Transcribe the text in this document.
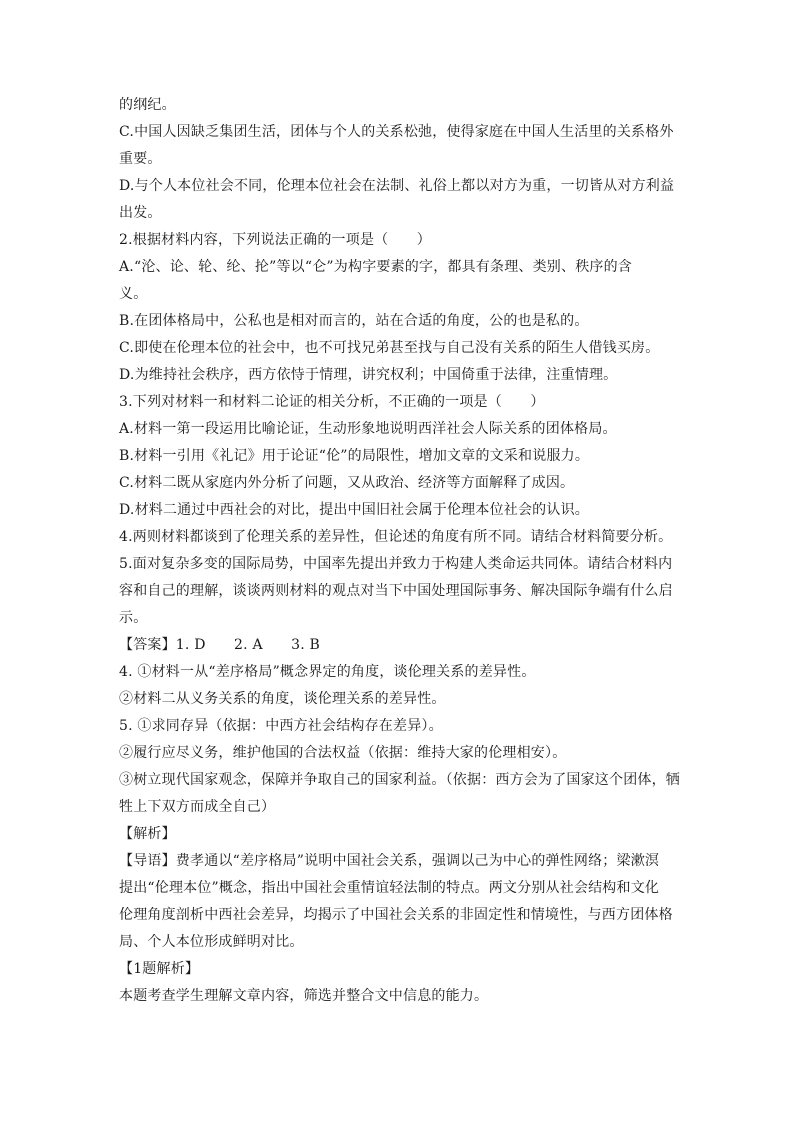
的纲纪。

C.中国人因缺乏集团生活，团体与个人的关系松弛，使得家庭在中国人生活里的关系格外

重要。

D.与个人本位社会不同，伦理本位社会在法制、礼俗上都以对方为重，一切皆从对方利益

出发。

2.根据材料内容，下列说法正确的一项是（　　）

A.“沦、论、轮、纶、抡”等以“仑”为构字要素的字，都具有条理、类别、秩序的含

义。

B.在团体格局中，公私也是相对而言的，站在合适的角度，公的也是私的。

C.即使在伦理本位的社会中，也不可找兄弟甚至找与自己没有关系的陌生人借钱买房。

D.为维持社会秩序，西方依恃于情理，讲究权利；中国倚重于法律，注重情理。

3.下列对材料一和材料二论证的相关分析，不正确的一项是（　　）

A.材料一第一段运用比喻论证，生动形象地说明西洋社会人际关系的团体格局。

B.材料一引用《礼记》用于论证“伦”的局限性，增加文章的文采和说服力。

C.材料二既从家庭内外分析了问题，又从政治、经济等方面解释了成因。

D.材料二通过中西社会的对比，提出中国旧社会属于伦理本位社会的认识。

4.两则材料都谈到了伦理关系的差异性，但论述的角度有所不同。请结合材料简要分析。

5.面对复杂多变的国际局势，中国率先提出并致力于构建人类命运共同体。请结合材料内

容和自己的理解，谈谈两则材料的观点对当下中国处理国际事务、解决国际争端有什么启

示。

【答案】1. D　　2. A　　3. B

4. ①材料一从“差序格局”概念界定的角度，谈伦理关系的差异性。

②材料二从义务关系的角度，谈伦理关系的差异性。

5. ①求同存异（依据：中西方社会结构存在差异）。

②履行应尽义务，维护他国的合法权益（依据：维持大家的伦理相安）。

③树立现代国家观念，保障并争取自己的国家利益。（依据：西方会为了国家这个团体，牺

牲上下双方而成全自己）

【解析】

【导语】费孝通以“差序格局”说明中国社会关系，强调以己为中心的弹性网络；梁漱溟

提出“伦理本位”概念，指出中国社会重情谊轻法制的特点。两文分别从社会结构和文化

伦理角度剖析中西社会差异，均揭示了中国社会关系的非固定性和情境性，与西方团体格

局、个人本位形成鲜明对比。

【1题解析】

本题考查学生理解文章内容，筛选并整合文中信息的能力。
